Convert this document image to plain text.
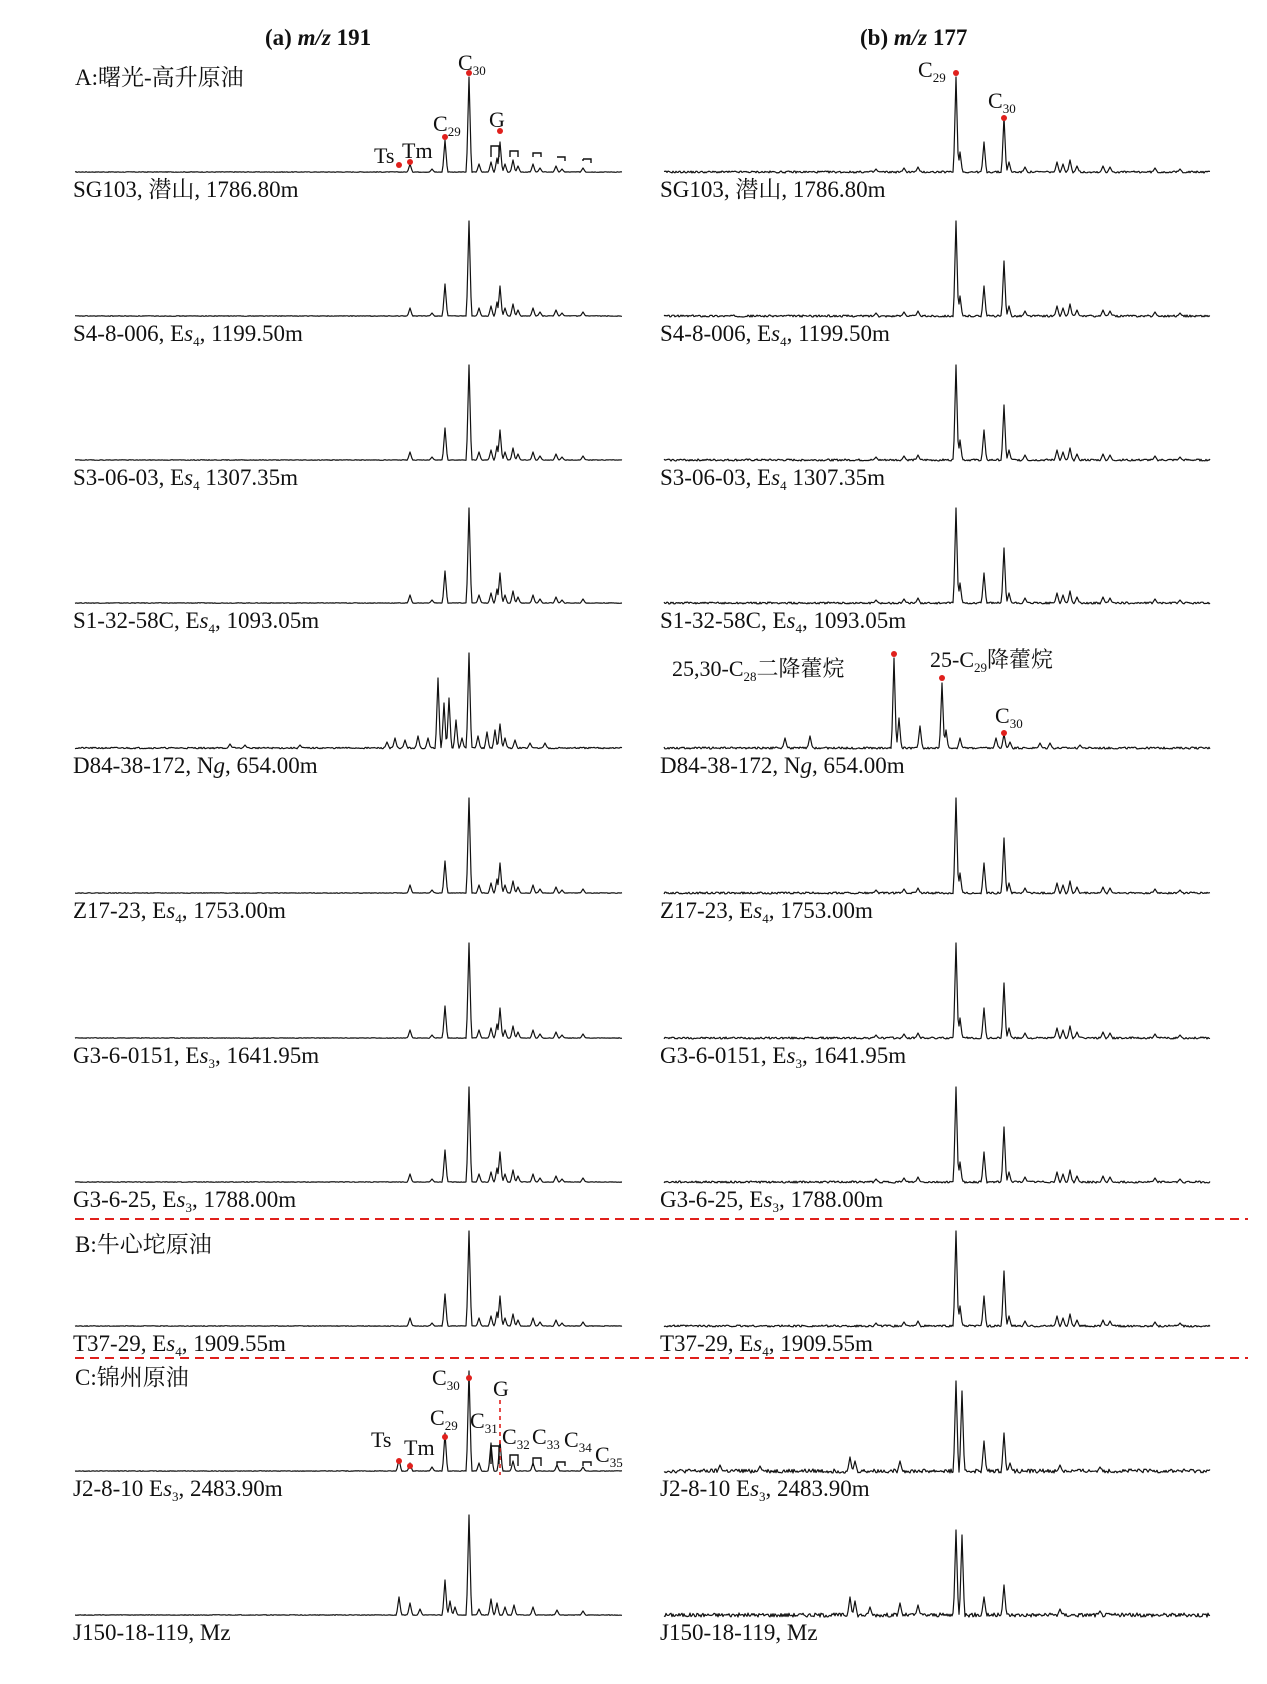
(a) m/z 191	(b) m/z 177
A:曙光-高升原油
B:牛心坨原油
C:锦州原油
SG103, 潜山, 1786.80m
S4-8-006, $Es_4$, 1199.50m
S3-06-03, $Es_4$ 1307.35m
S1-32-58C, $Es_4$, 1093.05m
D84-38-172, Ng, 654.00m
Z17-23, $Es_4$, 1753.00m
G3-6-0151, $Es_3$, 1641.95m
G3-6-25, $Es_3$, 1788.00m
T37-29, $Es_4$, 1909.55m
J2-8-10 $Es_3$, 2483.90m
J150-18-119, Mz
SG103, 潜山, 1786.80m
S4-8-006, $Es_4$, 1199.50m
S3-06-03, $Es_4$ 1307.35m
S1-32-58C, $Es_4$, 1093.05m
D84-38-172, Ng, 654.00m
Z17-23, $Es_4$, 1753.00m
G3-6-0151, $Es_3$, 1641.95m
G3-6-25, $Es_3$, 1788.00m
T37-29, $Es_4$, 1909.55m
J2-8-10 $Es_3$, 2483.90m
J150-18-119, Mz
Ts Tm
$C_{29}$
$C_{30}$
G
$C_{29}$
$C_{30}$
$25,30-C_{28}$二降藿烷	$25-C_{29}$降藿烷
$C_{30}$
Ts Tm
$C_{29}$
$C_{30}$
$C_{31}$
G
$C_{32}$ $C_{33}$ $C_{34}$ $C_{35}$
